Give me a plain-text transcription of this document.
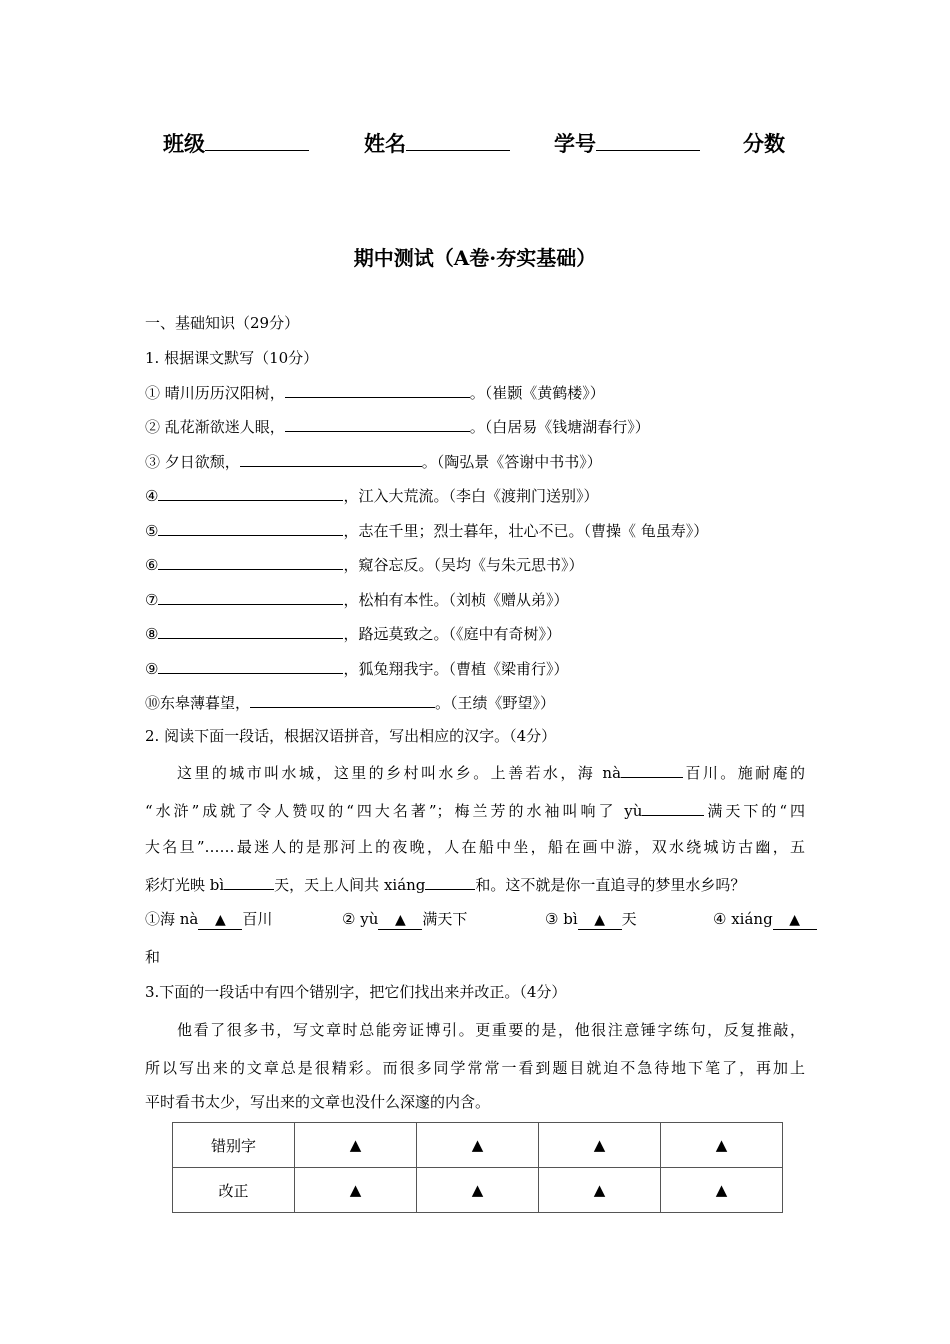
班级	姓名	学号	分数
期中测试（A卷·夯实基础）
一、基础知识（29分）
1. 根据课文默写（10分）
① 晴川历历汉阳树，	。（崔颢《黄鹤楼》）
② 乱花渐欲迷人眼，	。（白居易《钱塘湖春行》）
③ 夕日欲颓，	。（陶弘景《答谢中书书》）
④	，江入大荒流。（李白《渡荆门送别》）
⑤	，志在千里；烈士暮年，壮心不已。（曹操《 龟虽寿》）
⑥	，窥谷忘反。（吴均《与朱元思书》）
⑦	，松柏有本性。（刘桢《赠从弟》）
⑧	，路远莫致之。（《庭中有奇树》）
⑨	，狐兔翔我宇。（曹植《梁甫行》）
⑩东皋薄暮望，	。（王绩《野望》）
2. 阅读下面一段话，根据汉语拼音，写出相应的汉字。（4分）
这里的城市叫水城，这里的乡村叫水乡。上善若水，海 nà	百川。施耐庵的
“水浒”成就了令人赞叹的“四大名著”；梅兰芳的水袖叫响了 yù	满天下的“四
大名旦”……最迷人的是那河上的夜晚，人在船中坐，船在画中游，双水绕城访古幽，五
彩灯光映 bì	天，天上人间共 xiáng	和。这不就是你一直追寻的梦里水乡吗？
①海 nà ▲ 百川	② yù ▲ 满天下	③ bì ▲ 天	④ xiáng ▲
和
3.下面的一段话中有四个错别字，把它们找出来并改正。（4分）
他看了很多书，写文章时总能旁证博引。更重要的是，他很注意锤字练句，反复推敲，
所以写出来的文章总是很精彩。而很多同学常常一看到题目就迫不急待地下笔了，再加上
平时看书太少，写出来的文章也没什么深邃的内含。
错别字	▲	▲	▲	▲
改正	▲	▲	▲	▲
